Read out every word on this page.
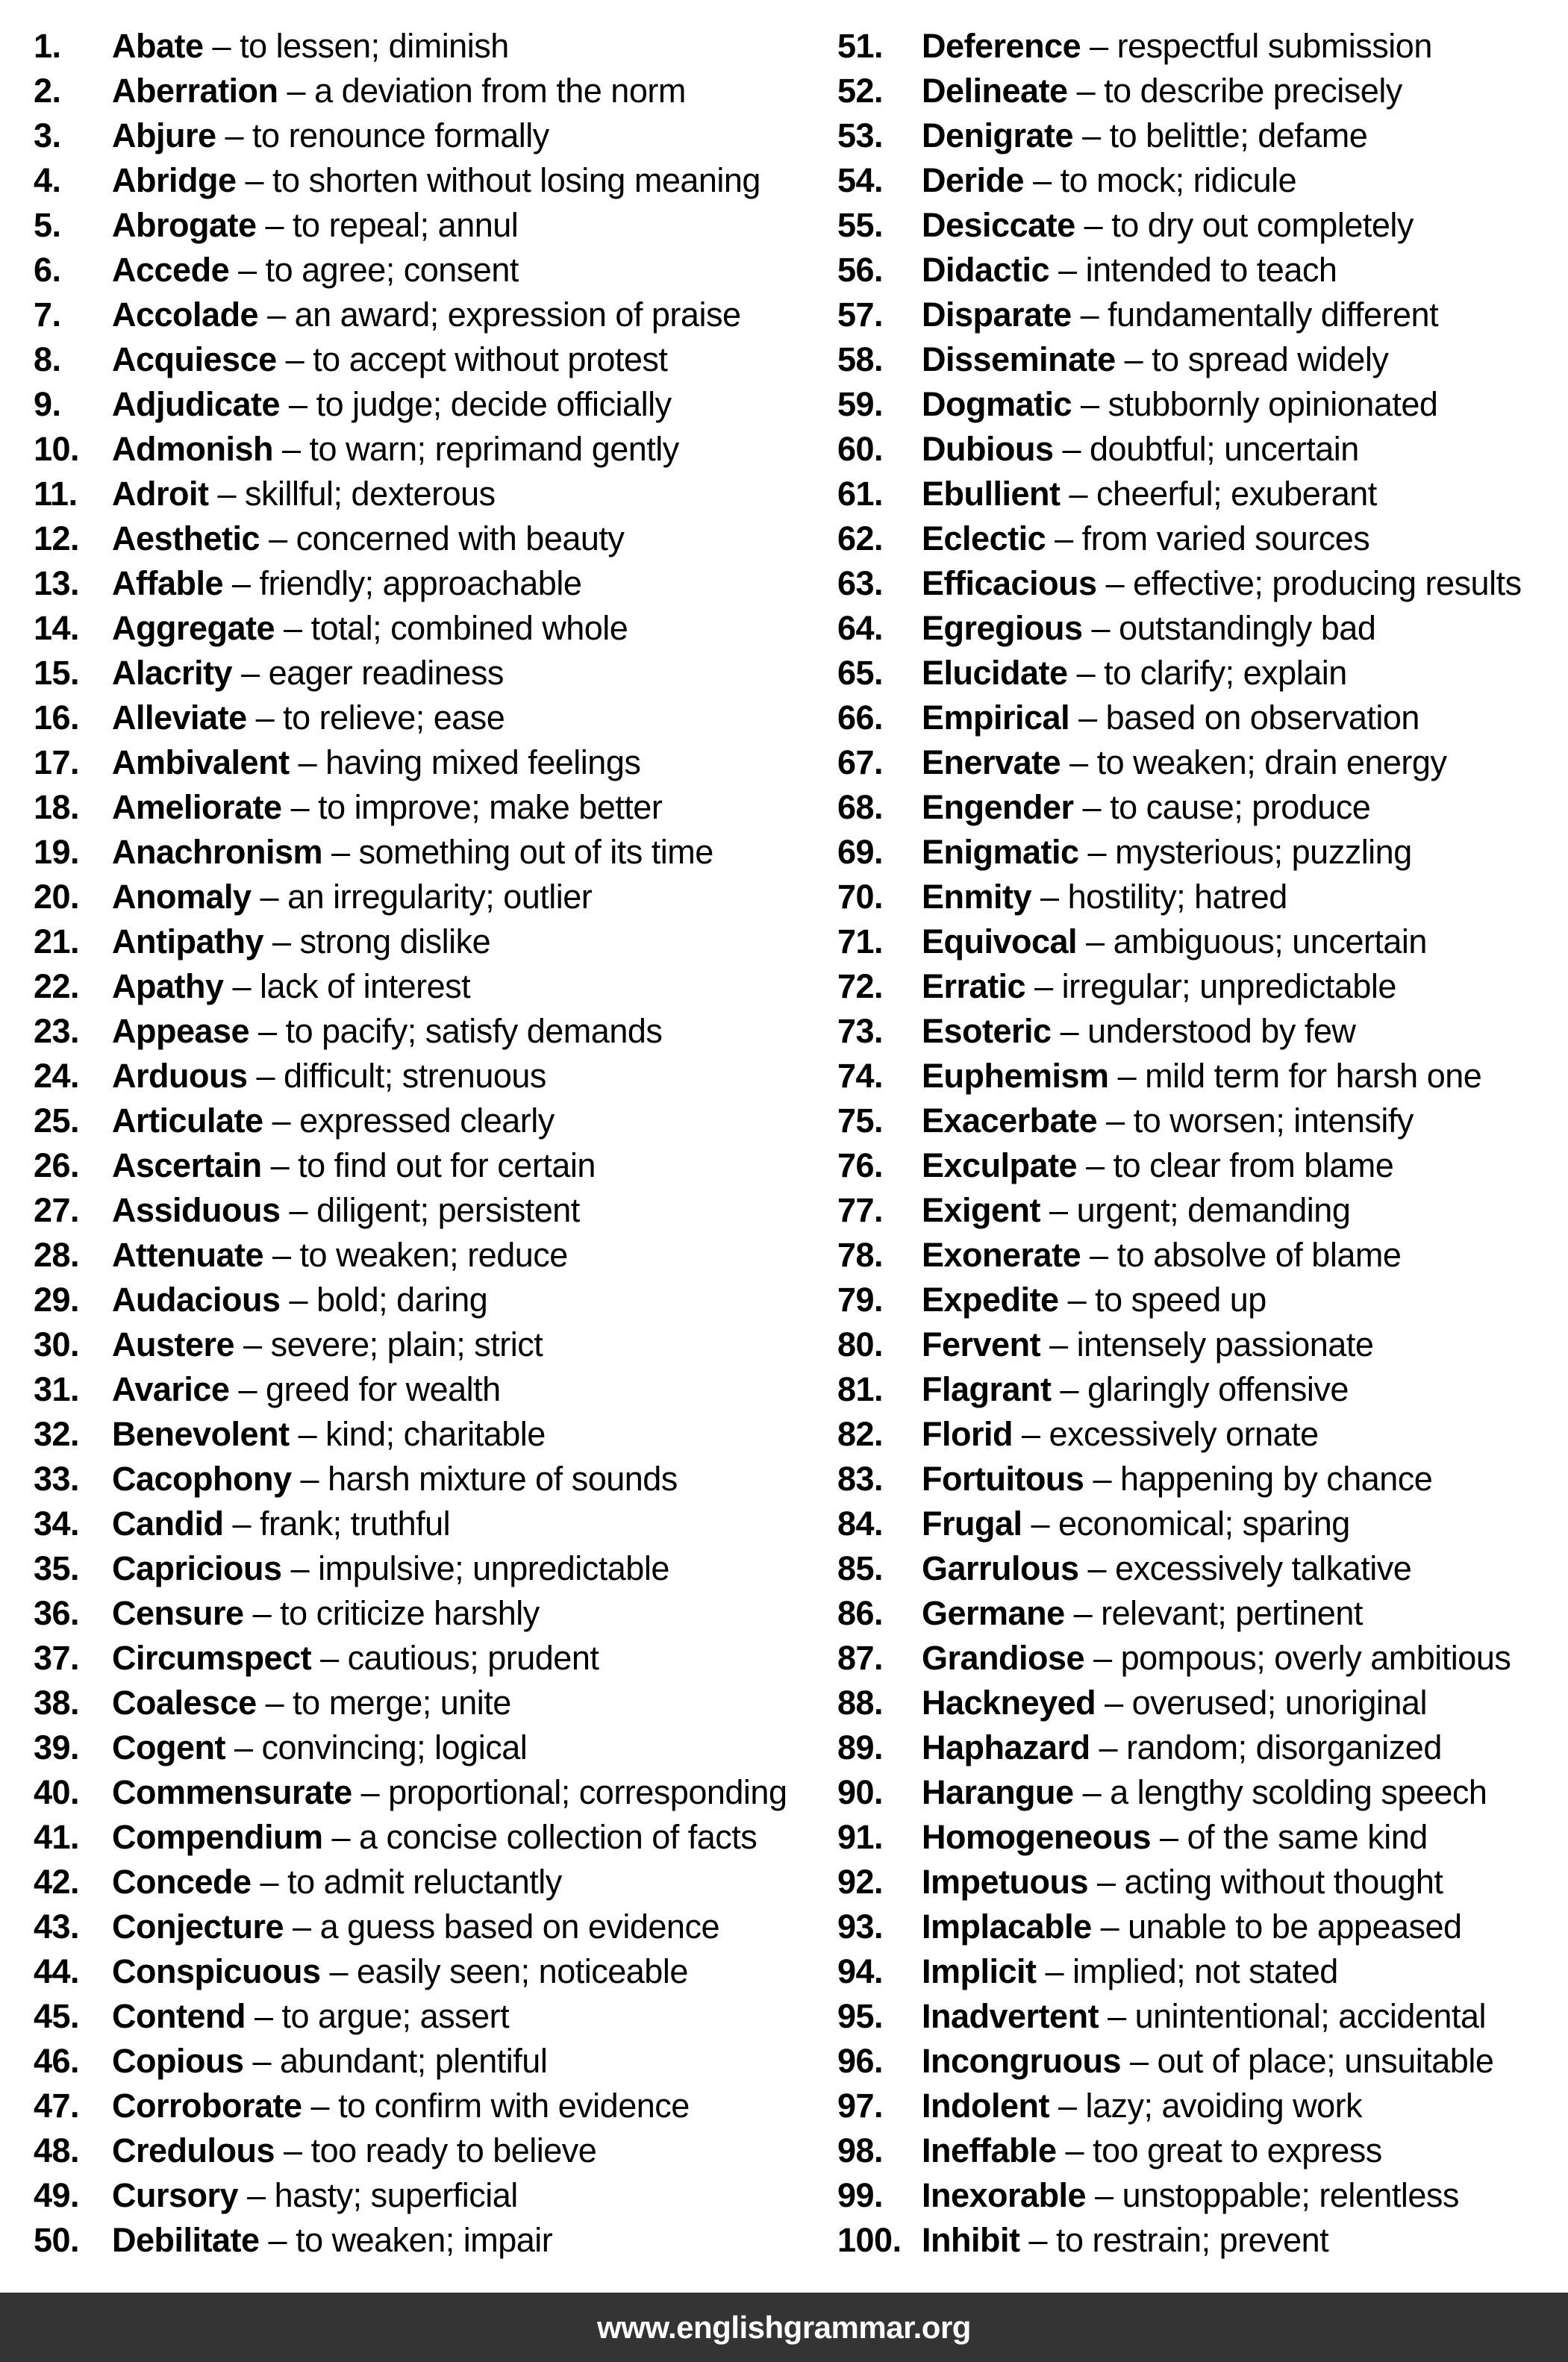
1. Abate – to lessen; diminish
2. Aberration – a deviation from the norm
3. Abjure – to renounce formally
4. Abridge – to shorten without losing meaning
5. Abrogate – to repeal; annul
6. Accede – to agree; consent
7. Accolade – an award; expression of praise
8. Acquiesce – to accept without protest
9. Adjudicate – to judge; decide officially
10. Admonish – to warn; reprimand gently
11. Adroit – skillful; dexterous
12. Aesthetic – concerned with beauty
13. Affable – friendly; approachable
14. Aggregate – total; combined whole
15. Alacrity – eager readiness
16. Alleviate – to relieve; ease
17. Ambivalent – having mixed feelings
18. Ameliorate – to improve; make better
19. Anachronism – something out of its time
20. Anomaly – an irregularity; outlier
21. Antipathy – strong dislike
22. Apathy – lack of interest
23. Appease – to pacify; satisfy demands
24. Arduous – difficult; strenuous
25. Articulate – expressed clearly
26. Ascertain – to find out for certain
27. Assiduous – diligent; persistent
28. Attenuate – to weaken; reduce
29. Audacious – bold; daring
30. Austere – severe; plain; strict
31. Avarice – greed for wealth
32. Benevolent – kind; charitable
33. Cacophony – harsh mixture of sounds
34. Candid – frank; truthful
35. Capricious – impulsive; unpredictable
36. Censure – to criticize harshly
37. Circumspect – cautious; prudent
38. Coalesce – to merge; unite
39. Cogent – convincing; logical
40. Commensurate – proportional; corresponding
41. Compendium – a concise collection of facts
42. Concede – to admit reluctantly
43. Conjecture – a guess based on evidence
44. Conspicuous – easily seen; noticeable
45. Contend – to argue; assert
46. Copious – abundant; plentiful
47. Corroborate – to confirm with evidence
48. Credulous – too ready to believe
49. Cursory – hasty; superficial
50. Debilitate – to weaken; impair
51. Deference – respectful submission
52. Delineate – to describe precisely
53. Denigrate – to belittle; defame
54. Deride – to mock; ridicule
55. Desiccate – to dry out completely
56. Didactic – intended to teach
57. Disparate – fundamentally different
58. Disseminate – to spread widely
59. Dogmatic – stubbornly opinionated
60. Dubious – doubtful; uncertain
61. Ebullient – cheerful; exuberant
62. Eclectic – from varied sources
63. Efficacious – effective; producing results
64. Egregious – outstandingly bad
65. Elucidate – to clarify; explain
66. Empirical – based on observation
67. Enervate – to weaken; drain energy
68. Engender – to cause; produce
69. Enigmatic – mysterious; puzzling
70. Enmity – hostility; hatred
71. Equivocal – ambiguous; uncertain
72. Erratic – irregular; unpredictable
73. Esoteric – understood by few
74. Euphemism – mild term for harsh one
75. Exacerbate – to worsen; intensify
76. Exculpate – to clear from blame
77. Exigent – urgent; demanding
78. Exonerate – to absolve of blame
79. Expedite – to speed up
80. Fervent – intensely passionate
81. Flagrant – glaringly offensive
82. Florid – excessively ornate
83. Fortuitous – happening by chance
84. Frugal – economical; sparing
85. Garrulous – excessively talkative
86. Germane – relevant; pertinent
87. Grandiose – pompous; overly ambitious
88. Hackneyed – overused; unoriginal
89. Haphazard – random; disorganized
90. Harangue – a lengthy scolding speech
91. Homogeneous – of the same kind
92. Impetuous – acting without thought
93. Implacable – unable to be appeased
94. Implicit – implied; not stated
95. Inadvertent – unintentional; accidental
96. Incongruous – out of place; unsuitable
97. Indolent – lazy; avoiding work
98. Ineffable – too great to express
99. Inexorable – unstoppable; relentless
100. Inhibit – to restrain; prevent
www.englishgrammar.org
